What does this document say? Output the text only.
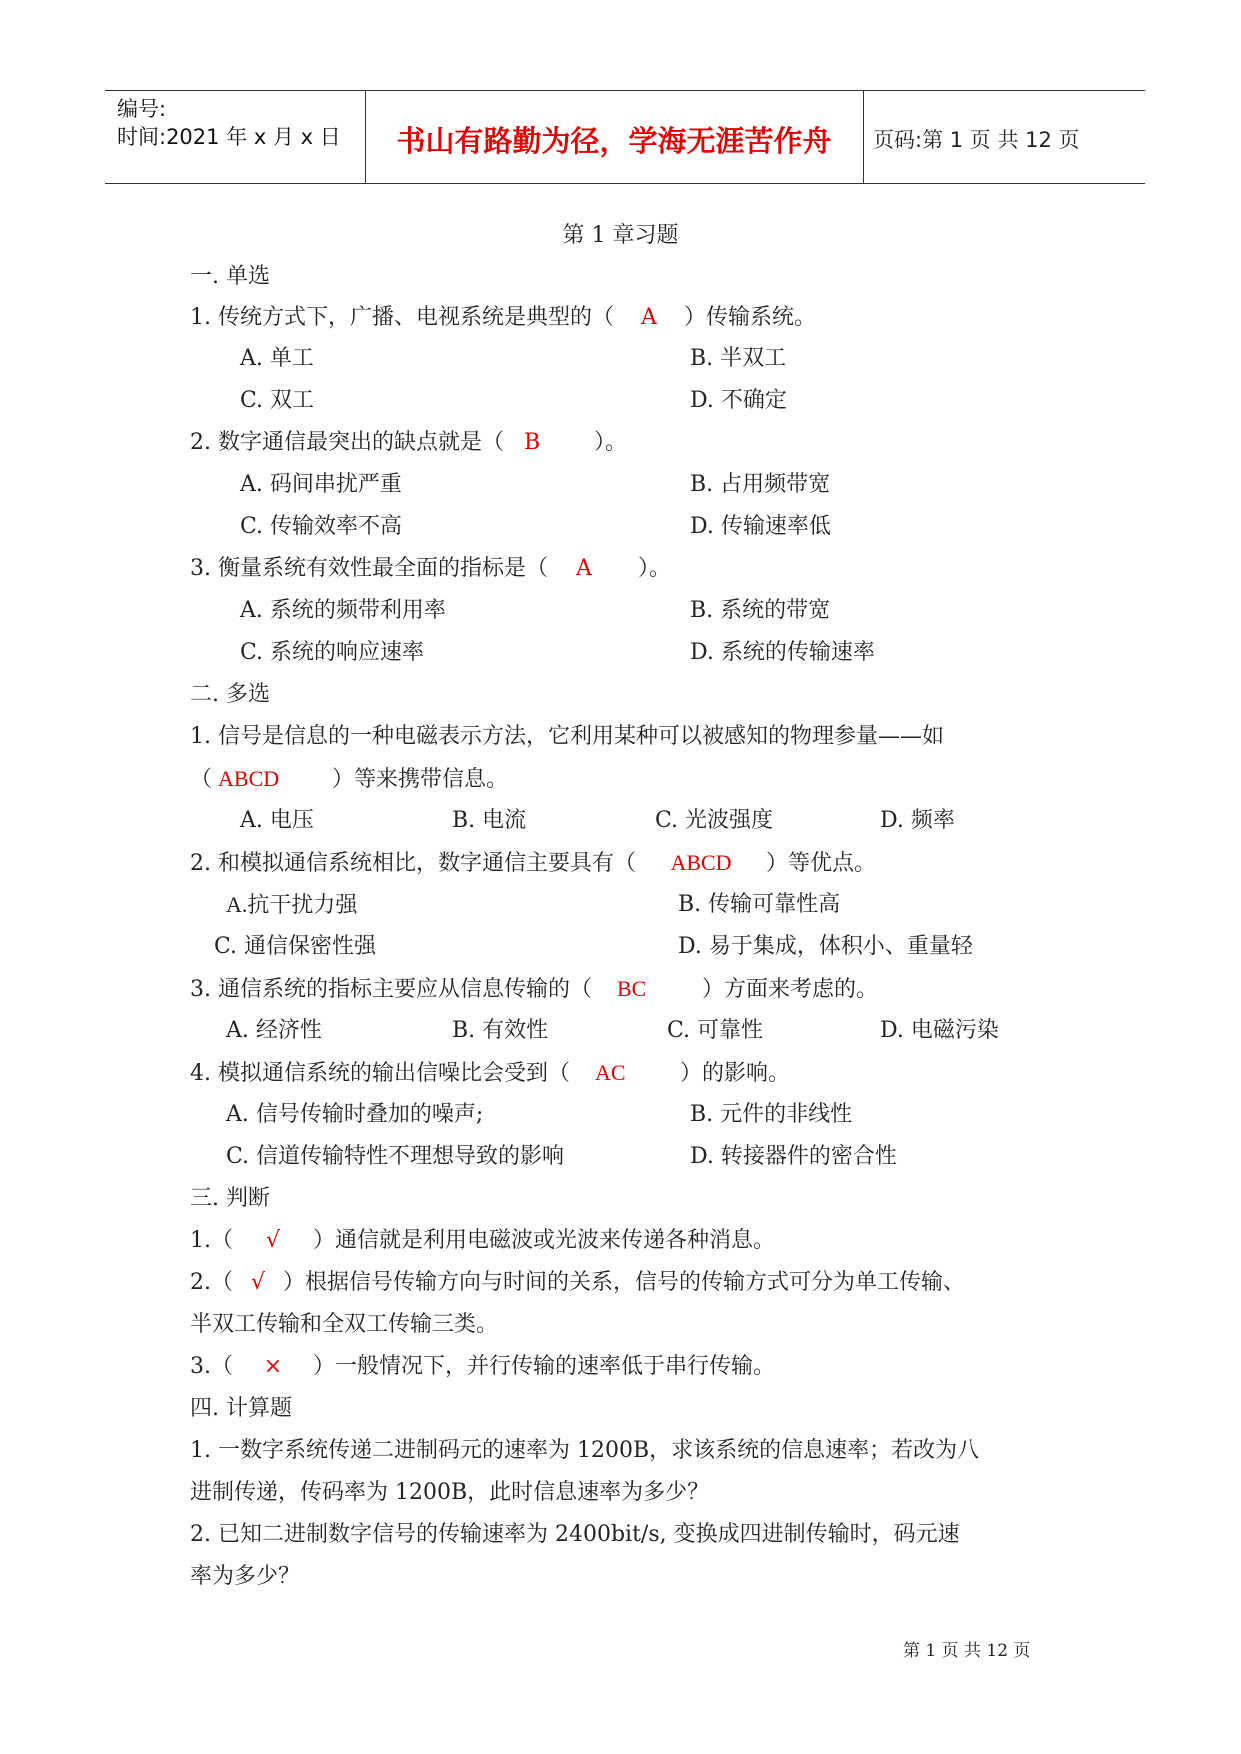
编号:
时间:2021 年 x 月 x 日	书山有路勤为径，学海无涯苦作舟	页码:第 1 页 共 12 页
第 1 章习题
一. 单选
1. 传统方式下，广播、电视系统是典型的（ A ）传输系统。
A. 单工	B. 半双工
C. 双工	D. 不确定
2. 数字通信最突出的缺点就是（ B ）。
A. 码间串扰严重	B. 占用频带宽
C. 传输效率不高	D. 传输速率低
3. 衡量系统有效性最全面的指标是（ A ）。
A. 系统的频带利用率	B. 系统的带宽
C. 系统的响应速率	D. 系统的传输速率
二. 多选
1. 信号是信息的一种电磁表示方法，它利用某种可以被感知的物理参量——如
（ ABCD ）等来携带信息。
A. 电压	B. 电流	C. 光波强度	D. 频率
2. 和模拟通信系统相比，数字通信主要具有（ ABCD ）等优点。
A.抗干扰力强	B. 传输可靠性高
C. 通信保密性强	D. 易于集成，体积小、重量轻
3. 通信系统的指标主要应从信息传输的（ BC	）方面来考虑的。
A. 经济性	B. 有效性	C. 可靠性	D. 电磁污染
4. 模拟通信系统的输出信噪比会受到（ AC ）的影响。
A. 信号传输时叠加的噪声;	B. 元件的非线性
C. 信道传输特性不理想导致的影响	D. 转接器件的密合性
三. 判断
1.（ √ ）通信就是利用电磁波或光波来传递各种消息。
2.（ √ ）根据信号传输方向与时间的关系，信号的传输方式可分为单工传输、
半双工传输和全双工传输三类。
3.（ × ）一般情况下，并行传输的速率低于串行传输。
四. 计算题
1. 一数字系统传递二进制码元的速率为 1200B，求该系统的信息速率；若改为八
进制传递，传码率为 1200B，此时信息速率为多少？
2. 已知二进制数字信号的传输速率为 2400bit/s, 变换成四进制传输时，码元速
率为多少？
第 1 页 共 12 页
